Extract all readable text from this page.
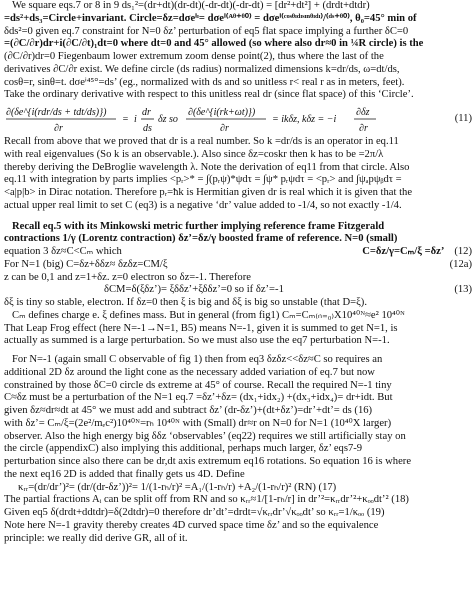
We square eqs.7 or 8 in 9 ds₁²=(dr+dt)(dr-dt)(-dr-dt)(-dr-dt) = [dr²+dt²] + (drdt+dtdr)
=ds²+ds₃=Circle+invariant. Circle=δz=dσeⁱᶦ= dσeⁱ⁽ᴬᶿ⁺ᶿ⁰⁾ = dσeⁱ⁽ᶜᵒˢᶿᶦᵈᶦˢᶦⁿᶿᶦᵈᶦ⁾/⁽ᵈˢ⁺ᶿ⁰⁾, θ₀=45° min of
δds²=0 given eq.7 constraint for N=0 δz’ perturbation of eq5 flat space implying a further δC=0
=(∂C/∂r)dr+i(∂C/∂t)₁dt=0 where dt=0 and 45° allowed (so where also dr≈0 in ¼R circle) is the
(∂C/∂r)dr=0 Fiegenbaum lower extremum zoom dense point(2), thus where the last of the
derivatives ∂C/∂r exist. We define circle (ds radius) normalized dimensions k=dr/ds, ω=dt/ds,
cosθ=r, sinθ=t. dσeⁱ⁴⁵°=ds’ (eg., normalized with ds and so unitless r< real r as in meters, feet).
Take the ordinary derivative with respect to this unitless real dr (since flat space) of this ‘Circle’.
∂(δe^{i(rdr/ds + tdt/ds)})
∂r
= i
dr
ds
δz so
∂(δe^{i(rk+ωt)})
∂r
= ikδz, kδz = −i
∂δz
∂r
(11)
Recall from above that we proved that dr is a real number. So k =dr/ds is an operator in eq.11
with real eigenvalues (So k is an observable.). Also since δz=coskr then k has to be =2π/λ
thereby deriving the DeBroglie wavelength λ. Note the derivation of eq11 from that circle. Also
eq.11 with integration by parts implies <pᵣ>* = ∫(pᵣψ)*ψdτ = ∫ψ* pᵣψdτ = <pᵣ> and ∫ψₐpψᵦdτ =
<a|p|b> in Dirac notation. Therefore pᵣ=ħk is Hermitian given dr is real which it is given that the
actual upper real limit to set C (eq3) is a negative ‘dr’ value added to -1/4, so not exactly -1/4.
Recall eq.5 with its Minkowski metric further implying reference frame Fitzgerald
contractions 1/γ (Lorentz contraction) δz’=δz/γ boosted frame of reference. N=0 (small)
equation 3 δz≈C<Cₘ which	(12)
C=δz/γ=Cₘ/ξ =δz’
For N=1 (big) C=δz+δδz≈ δzδz=CM/ξ	(12a)
z can be 0,1 and z=1+δz. z=0 electron so δz=-1. Therefore
δCM=δ(ξδz’)= ξδδz’+ξδδz’=0 so if δz’=-1	(13)
δξ is tiny so stable, electron. If δz=0 then ξ is big and δξ is big so unstable (that D=ξ).
Cₘ defines charge e. ξ defines mass. But in general (from fig1) Cₘ=Cₘ₍ₙ₌₀₎X10⁴⁰ᴺ≈e² 10⁴⁰ᴺ
That Leap Frog effect (here N=-1→N=1, B5) means N=-1, given it is summed to get N=1, is
actually as summed is a large perturbation. So we must also use the eq7 perturbation N=-1.
For N=-1 (again small C observable of fig 1) then from eq3 δzδz<<δz≈C so requires an
additional 2D δz around the light cone as the necessary added variation of eq.7 but now
constrained by those δC=0 circle ds extreme at 45° of course. Recall the required N=-1 tiny
C≈δz must be a perturbation of the N=1 eq.7 =δz’+δz= (dx₁+idx₂) +(dx₃+idx₄)= dr+idt. But
given δz≈dr≈dt at 45° we must add and subtract δz’ (dr-δz’)+(dt+δz’)=dr’+dt’= ds (16)
with δz’= Cₘ/ξ=(2e²/mₑc²)10⁴⁰ᴺ=rₕ 10⁴⁰ᴺ with (Small) dr≈r on N=0 for N=1 (10⁴⁰X larger)
observer. Also the high energy big δδz ‘observables’ (eq22) requires we still artificially stay on
the circle (appendixC) also implying this additional, perhaps much larger, δz’ eqs7-9
perturbation since also there can be dr,dt axis extremum eq16 rotations. So equation 16 is where
the next eq16 2D is added that finally gets us 4D. Define
κᵣᵣ=(dr/dr’)²= (dr/(dr-δz’))²= 1/(1-rₕ/r)² =A₁/(1-rₕ/r) +A₂/(1-rₕ/r)² (RN) (17)
The partial fractions Aᵢ can be split off from RN and so κᵣᵣ≈1/[1-rₕ/r] in dr’²=κᵣᵣdr’²+κₒₒdt’² (18)
Given eq5 δ(drdt+ddtdr)=δ(2dtdr)=0 therefore dr’dt’=drdt=√κᵣᵣdr’√κₒₒdt’ so κᵣᵣ=1/κₒₒ (19)
Note here N=-1 gravity thereby creates 4D curved space time δz’ and so the equivalence
principle: we really did derive GR, all of it.
